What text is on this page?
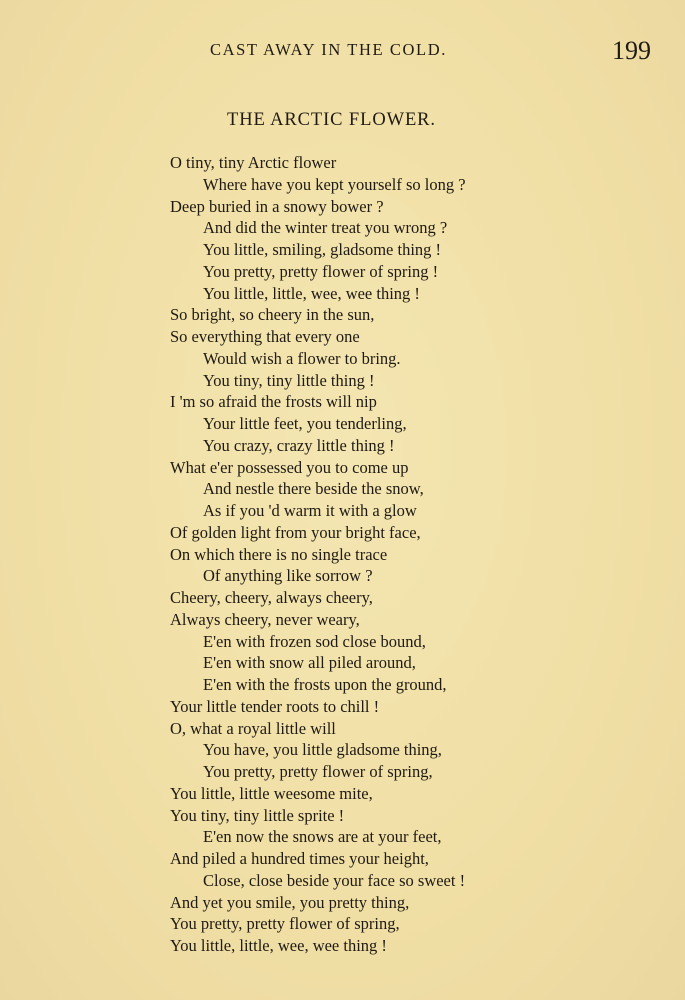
CAST AWAY IN THE COLD.	199
THE ARCTIC FLOWER.
O tiny, tiny Arctic flower
Where have you kept yourself so long ?
Deep buried in a snowy bower ?
And did the winter treat you wrong ?
You little, smiling, gladsome thing !
You pretty, pretty flower of spring !
You little, little, wee, wee thing !
So bright, so cheery in the sun,
So everything that every one
Would wish a flower to bring.
You tiny, tiny little thing !
I 'm so afraid the frosts will nip
Your little feet, you tenderling,
You crazy, crazy little thing !
What e'er possessed you to come up
And nestle there beside the snow,
As if you 'd warm it with a glow
Of golden light from your bright face,
On which there is no single trace
Of anything like sorrow ?
Cheery, cheery, always cheery,
Always cheery, never weary,
E'en with frozen sod close bound,
E'en with snow all piled around,
E'en with the frosts upon the ground,
Your little tender roots to chill !
O, what a royal little will
You have, you little gladsome thing,
You pretty, pretty flower of spring,
You little, little weesome mite,
You tiny, tiny little sprite !
E'en now the snows are at your feet,
And piled a hundred times your height,
Close, close beside your face so sweet !
And yet you smile, you pretty thing,
You pretty, pretty flower of spring,
You little, little, wee, wee thing !
